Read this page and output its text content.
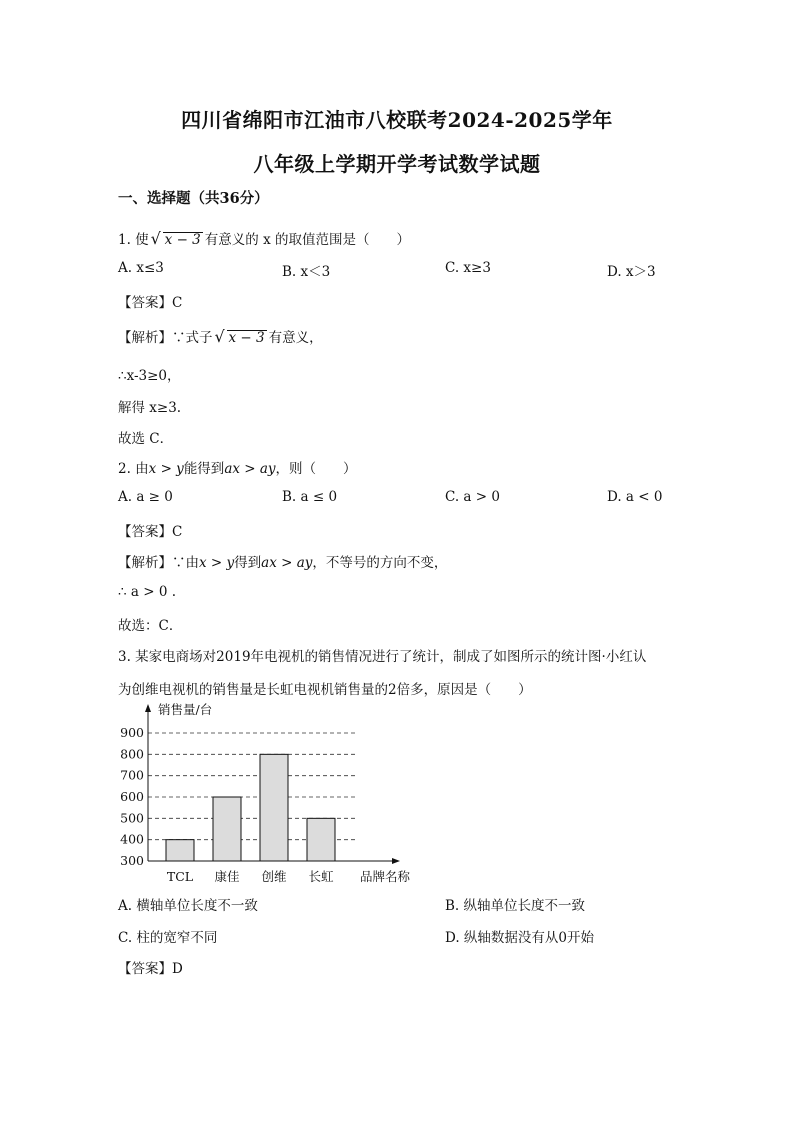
四川省绵阳市江油市八校联考2024-2025学年
八年级上学期开学考试数学试题
一、选择题（共36分）
1. 使 √ x − 3 有意义的 x 的取值范围是（　　）
A. x≤3	B. x＜3	C. x≥3	D. x＞3
【答案】C
【解析】∵式子 √ x − 3 有意义，
∴x-3≥0，
解得 x≥3.
故选 C．
2. 由x > y能得到ax > ay，则（　　）
A. a ≥ 0	B. a ≤ 0	C. a > 0	D. a < 0
【答案】C
【解析】∵由x > y得到ax > ay，不等号的方向不变，
∴ a > 0 .
故选：C．
3. 某家电商场对2019年电视机的销售情况进行了统计，制成了如图所示的统计图·小红认
为创维电视机的销售量是长虹电视机销售量的2倍多，原因是（　　）
300
400
500
600
700
800
900
销售量/台
品牌名称
TCL 康佳 创维 长虹
A. 横轴单位长度不一致	B. 纵轴单位长度不一致
C. 柱的宽窄不同	D. 纵轴数据没有从0开始
【答案】D
